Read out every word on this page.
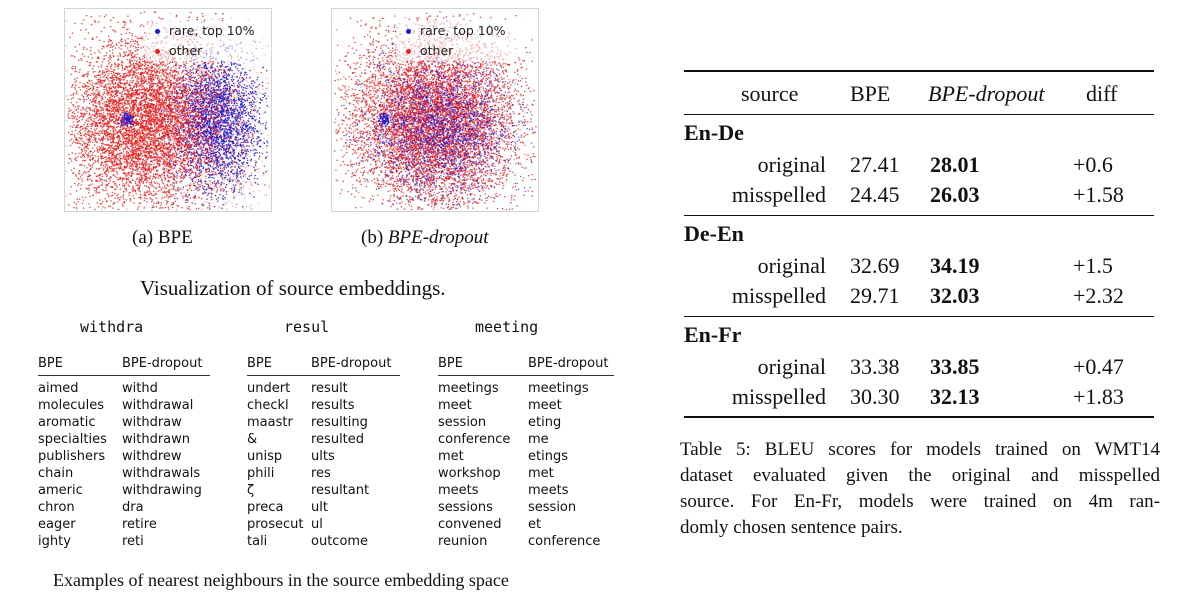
rare, top 10%
other
rare, top 10%
other
(a) BPE	(b) BPE-dropout
Visualization of source embeddings.
withdra
BPE	BPE-dropout
aimed	withd
molecules withdrawal
aromatic withdraw
specialties withdrawn
publishers withdrew
chain	withdrawals
americ	withdrawing
chron	dra
eager	retire
ighty	reti
resul
BPE	BPE-dropout
undert result
checkl results
maastr resulting
&	resulted
unisp ults
phili	res
ζ	resultant
preca ult
prosecut ul
tali	outcome
meeting
BPE	BPE-dropout
meetings meetings
meet	meet
session	eting
conference me
met	etings
workshop met
meets	meets
sessions	session
convened et
reunion	conference
Examples of nearest neighbours in the source embedding space
source BPE BPE-dropout diff
En-De
original 27.41 28.01	+0.6
misspelled 24.45 26.03	+1.58
De-En
original 32.69 34.19	+1.5
misspelled 29.71 32.03	+2.32
En-Fr
original 33.38 33.85	+0.47
misspelled 30.30 32.13	+1.83
Table 5: BLEU scores for models trained on WMT14
dataset evaluated given the original and misspelled
source. For En-Fr, models were trained on 4m ran-
domly chosen sentence pairs.
